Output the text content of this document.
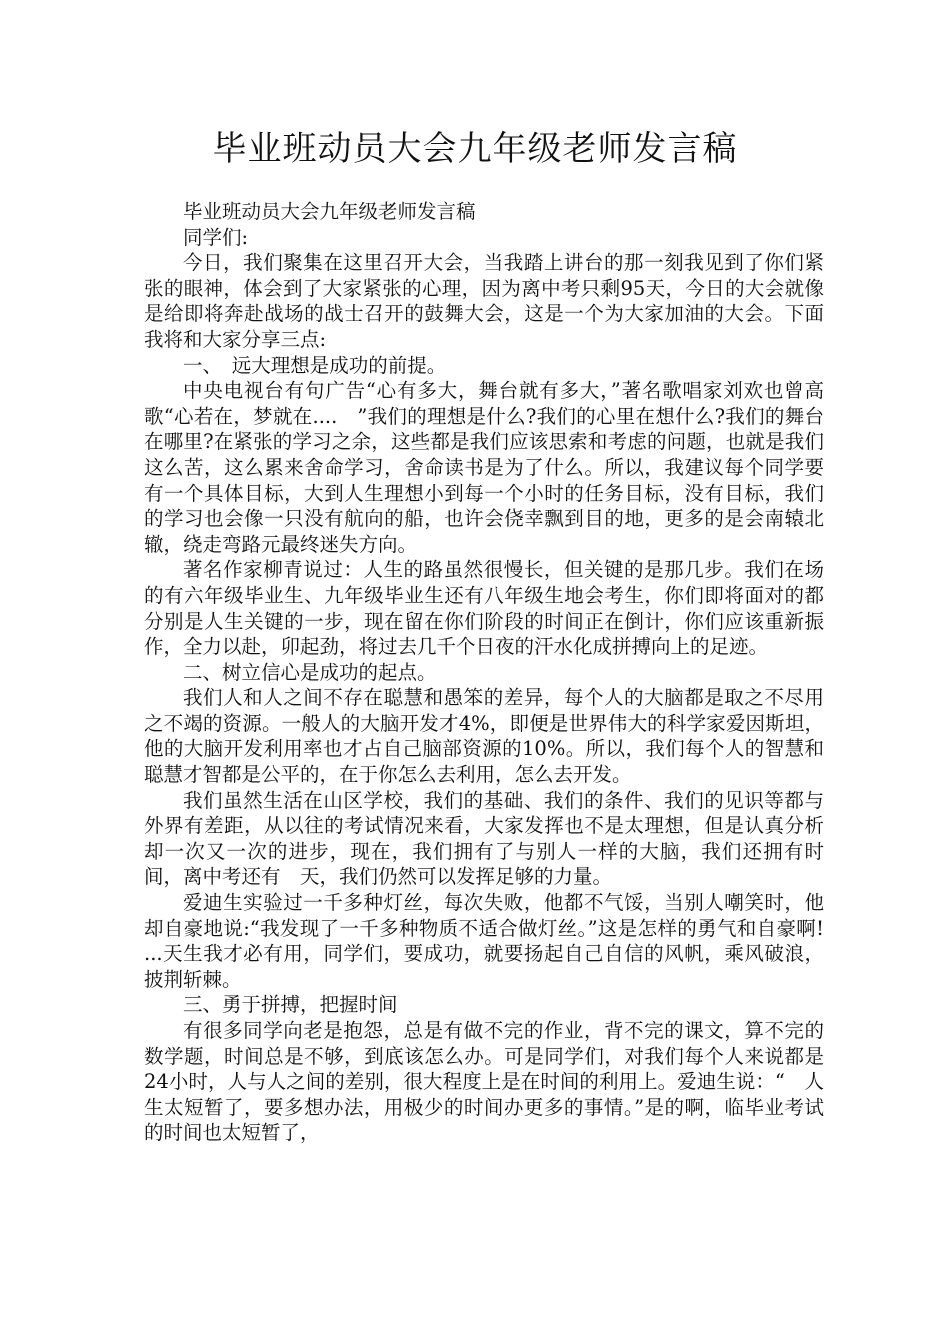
毕业班动员大会九年级老师发言稿

毕业班动员大会九年级老师发言稿

同学们:

今日，我们聚集在这里召开大会，当我踏上讲台的那一刻我见到了你们紧张的眼神，体会到了大家紧张的心理，因为离中考只剩95天，今日的大会就像是给即将奔赴战场的战士召开的鼓舞大会，这是一个为大家加油的大会。下面我将和大家分享三点:

一、　远大理想是成功的前提。

中央电视台有句广告“心有多大，舞台就有多大，”著名歌唱家刘欢也曾高歌“心若在，梦就在....　”我们的理想是什么?我们的心里在想什么?我们的舞台在哪里?在紧张的学习之余，这些都是我们应该思索和考虑的问题，也就是我们这么苦，这么累来舍命学习，舍命读书是为了什么。所以，我建议每个同学要有一个具体目标，大到人生理想小到每一个小时的任务目标，没有目标，我们的学习也会像一只没有航向的船，也许会侥幸飘到目的地，更多的是会南辕北辙，绕走弯路元最终迷失方向。

著名作家柳青说过：人生的路虽然很慢长，但关键的是那几步。我们在场的有六年级毕业生、九年级毕业生还有八年级生地会考生，你们即将面对的都分别是人生关键的一步，现在留在你们阶段的时间正在倒计，你们应该重新振作，全力以赴，卯起劲，将过去几千个日夜的汗水化成拼搏向上的足迹。

二、树立信心是成功的起点。

我们人和人之间不存在聪慧和愚笨的差异，每个人的大脑都是取之不尽用之不竭的资源。一般人的大脑开发才4%，即便是世界伟大的科学家爱因斯坦，他的大脑开发利用率也才占自己脑部资源的10%。所以，我们每个人的智慧和聪慧才智都是公平的，在于你怎么去利用，怎么去开发。

我们虽然生活在山区学校，我们的基础、我们的条件、我们的见识等都与外界有差距，从以往的考试情况来看，大家发挥也不是太理想，但是认真分析却一次又一次的进步，现在，我们拥有了与别人一样的大脑，我们还拥有时间，离中考还有　天，我们仍然可以发挥足够的力量。

爱迪生实验过一千多种灯丝，每次失败，他都不气馁，当别人嘲笑时，他却自豪地说:“我发现了一千多种物质不适合做灯丝。”这是怎样的勇气和自豪啊! ...天生我才必有用，同学们，要成功，就要扬起自己自信的风帆，乘风破浪，披荆斩棘。

三、勇于拼搏，把握时间

有很多同学向老是抱怨，总是有做不完的作业，背不完的课文，算不完的数学题，时间总是不够，到底该怎么办。可是同学们，对我们每个人来说都是24小时，人与人之间的差别，很大程度上是在时间的利用上。爱迪生说：“　人生太短暂了，要多想办法，用极少的时间办更多的事情。”是的啊，临毕业考试的时间也太短暂了，
